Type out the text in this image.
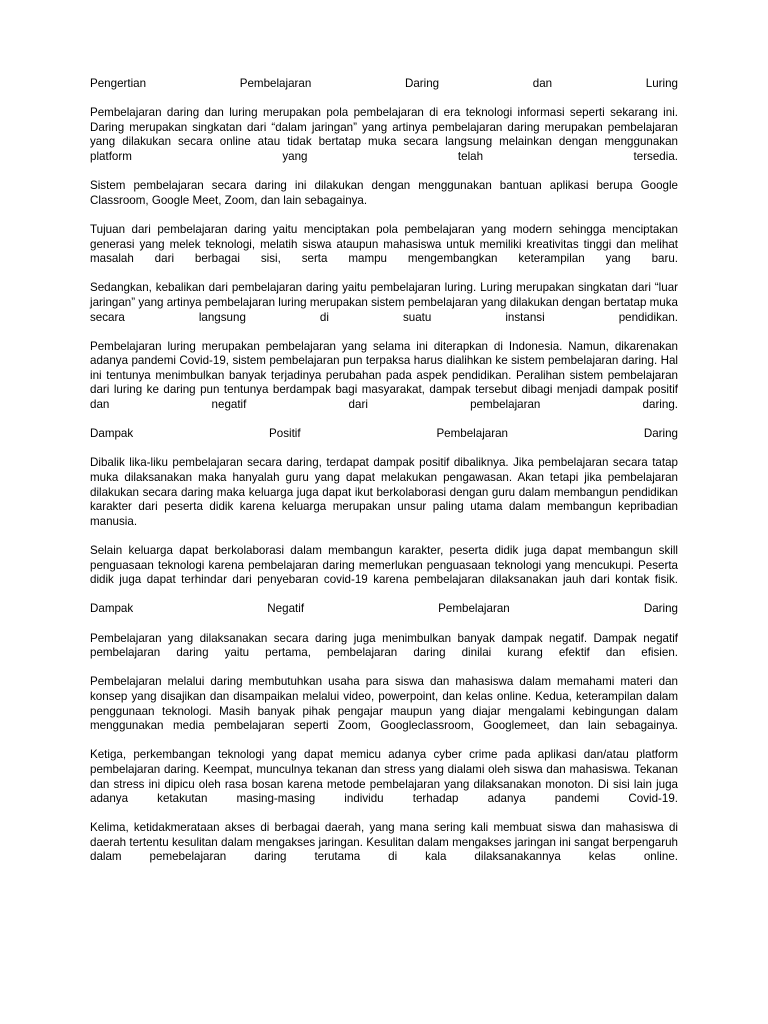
Pengertian Pembelajaran Daring dan Luring

Pembelajaran daring dan luring merupakan pola pembelajaran di era teknologi informasi seperti sekarang ini. Daring merupakan singkatan dari “dalam jaringan” yang artinya pembelajaran daring merupakan pembelajaran yang dilakukan secara online atau tidak bertatap muka secara langsung melainkan dengan menggunakan platform yang telah tersedia.

Sistem pembelajaran secara daring ini dilakukan dengan menggunakan bantuan aplikasi berupa Google Classroom, Google Meet, Zoom, dan lain sebagainya.

Tujuan dari pembelajaran daring yaitu menciptakan pola pembelajaran yang modern sehingga menciptakan generasi yang melek teknologi, melatih siswa ataupun mahasiswa untuk memiliki kreativitas tinggi dan melihat masalah dari berbagai sisi, serta mampu mengembangkan keterampilan yang baru.

Sedangkan, kebalikan dari pembelajaran daring yaitu pembelajaran luring. Luring merupakan singkatan dari “luar jaringan” yang artinya pembelajaran luring merupakan sistem pembelajaran yang dilakukan dengan bertatap muka secara langsung di suatu instansi pendidikan.

Pembelajaran luring merupakan pembelajaran yang selama ini diterapkan di Indonesia. Namun, dikarenakan adanya pandemi Covid-19, sistem pembelajaran pun terpaksa harus dialihkan ke sistem pembelajaran daring. Hal ini tentunya menimbulkan banyak terjadinya perubahan pada aspek pendidikan. Peralihan sistem pembelajaran dari luring ke daring pun tentunya berdampak bagi masyarakat, dampak tersebut dibagi menjadi dampak positif dan negatif dari pembelajaran daring.

Dampak Positif Pembelajaran Daring

Dibalik lika-liku pembelajaran secara daring, terdapat dampak positif dibaliknya. Jika pembelajaran secara tatap muka dilaksanakan maka hanyalah guru yang dapat melakukan pengawasan. Akan tetapi jika pembelajaran dilakukan secara daring maka keluarga juga dapat ikut berkolaborasi dengan guru dalam membangun pendidikan karakter dari peserta didik karena keluarga merupakan unsur paling utama dalam membangun kepribadian manusia.

Selain keluarga dapat berkolaborasi dalam membangun karakter, peserta didik juga dapat membangun skill penguasaan teknologi karena pembelajaran daring memerlukan penguasaan teknologi yang mencukupi. Peserta didik juga dapat terhindar dari penyebaran covid-19 karena pembelajaran dilaksanakan jauh dari kontak fisik.

Dampak Negatif Pembelajaran Daring

Pembelajaran yang dilaksanakan secara daring juga menimbulkan banyak dampak negatif. Dampak negatif pembelajaran daring yaitu pertama, pembelajaran daring dinilai kurang efektif dan efisien.

Pembelajaran melalui daring membutuhkan usaha para siswa dan mahasiswa dalam memahami materi dan konsep yang disajikan dan disampaikan melalui video, powerpoint, dan kelas online. Kedua, keterampilan dalam penggunaan teknologi. Masih banyak pihak pengajar maupun yang diajar mengalami kebingungan dalam menggunakan media pembelajaran seperti Zoom, Googleclassroom, Googlemeet, dan lain sebagainya.

Ketiga, perkembangan teknologi yang dapat memicu adanya cyber crime pada aplikasi dan/atau platform pembelajaran daring. Keempat, munculnya tekanan dan stress yang dialami oleh siswa dan mahasiswa. Tekanan dan stress ini dipicu oleh rasa bosan karena metode pembelajaran yang dilaksanakan monoton. Di sisi lain juga adanya ketakutan masing-masing individu terhadap adanya pandemi Covid-19.

Kelima, ketidakmerataan akses di berbagai daerah, yang mana sering kali membuat siswa dan mahasiswa di daerah tertentu kesulitan dalam mengakses jaringan. Kesulitan dalam mengakses jaringan ini sangat berpengaruh dalam pemebelajaran daring terutama di kala dilaksanakannya kelas online.
